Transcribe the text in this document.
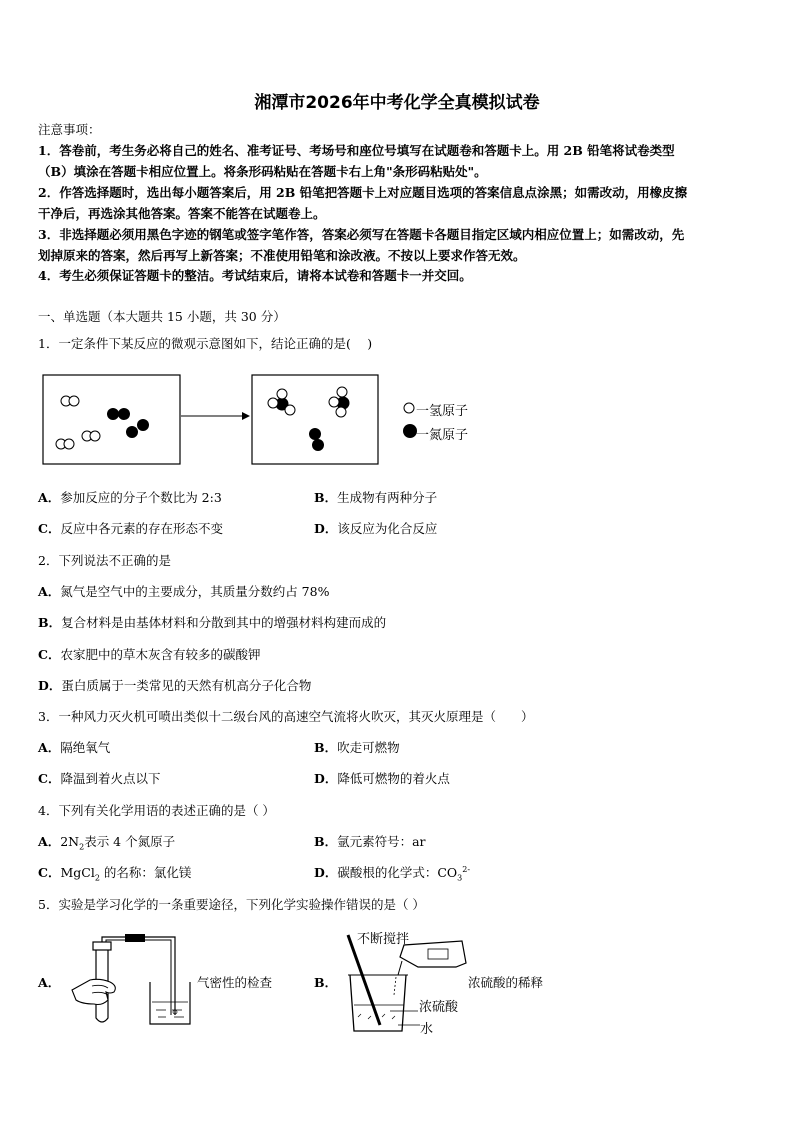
湘潭市2026年中考化学全真模拟试卷
注意事项：
1．答卷前，考生务必将自己的姓名、准考证号、考场号和座位号填写在试题卷和答题卡上。用 2B 铅笔将试卷类型
（B）填涂在答题卡相应位置上。将条形码粘贴在答题卡右上角"条形码粘贴处"。
2．作答选择题时，选出每小题答案后，用 2B 铅笔把答题卡上对应题目选项的答案信息点涂黑；如需改动，用橡皮擦
干净后，再选涂其他答案。答案不能答在试题卷上。
3．非选择题必须用黑色字迹的钢笔或签字笔作答，答案必须写在答题卡各题目指定区域内相应位置上；如需改动，先
划掉原来的答案，然后再写上新答案；不准使用铅笔和涂改液。不按以上要求作答无效。
4．考生必须保证答题卡的整洁。考试结束后，请将本试卷和答题卡一并交回。
一、单选题（本大题共 15 小题，共 30 分）
1．一定条件下某反应的微观示意图如下，结论正确的是(　 )
一氢原子
一氮原子
A．参加反应的分子个数比为 2:3	B．生成物有两种分子
C．反应中各元素的存在形态不变	D．该反应为化合反应
2．下列说法不正确的是
A．氮气是空气中的主要成分，其质量分数约占 78%
B．复合材料是由基体材料和分散到其中的增强材料构建而成的
C．农家肥中的草木灰含有较多的碳酸钾
D．蛋白质属于一类常见的天然有机高分子化合物
3．一种风力灭火机可喷出类似十二级台风的高速空气流将火吹灭，其灭火原理是（　　）
A．隔绝氧气	B．吹走可燃物
C．降温到着火点以下	D．降低可燃物的着火点
4．下列有关化学用语的表述正确的是（ ）
A．$2N_2$表示 4 个氮原子	B．氩元素符号：ar
C．MgCl$_2$ 的名称：氯化镁	D．碳酸根的化学式：$CO_3^{2-}$
5．实验是学习化学的一条重要途径，下列化学实验操作错误的是（ ）
A．	气密性的检查	B．
不断搅拌
浓硫酸的稀释
浓硫酸
水
